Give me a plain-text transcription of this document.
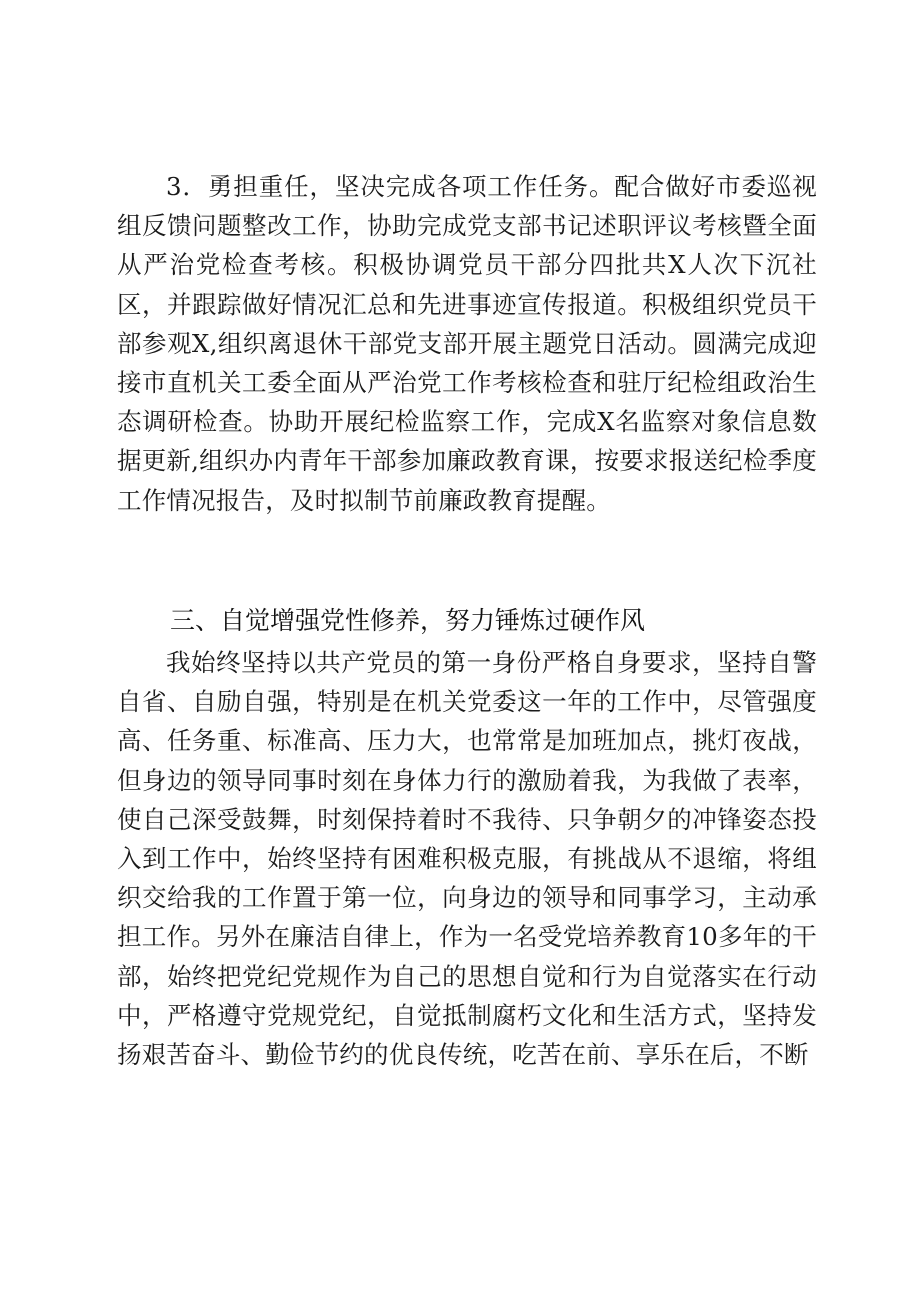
3．勇担重任，坚决完成各项工作任务。配合做好市委巡视组反馈问题整改工作，协助完成党支部书记述职评议考核暨全面从严治党检查考核。积极协调党员干部分四批共X人次下沉社区，并跟踪做好情况汇总和先进事迹宣传报道。积极组织党员干部参观X,组织离退休干部党支部开展主题党日活动。圆满完成迎接市直机关工委全面从严治党工作考核检查和驻厅纪检组政治生态调研检查。协助开展纪检监察工作，完成X名监察对象信息数据更新,组织办内青年干部参加廉政教育课，按要求报送纪检季度工作情况报告，及时拟制节前廉政教育提醒。

三、自觉增强党性修养，努力锤炼过硬作风

我始终坚持以共产党员的第一身份严格自身要求，坚持自警自省、自励自强，特别是在机关党委这一年的工作中，尽管强度高、任务重、标准高、压力大，也常常是加班加点，挑灯夜战，但身边的领导同事时刻在身体力行的激励着我，为我做了表率，使自己深受鼓舞，时刻保持着时不我待、只争朝夕的冲锋姿态投入到工作中，始终坚持有困难积极克服，有挑战从不退缩，将组织交给我的工作置于第一位，向身边的领导和同事学习，主动承担工作。另外在廉洁自律上，作为一名受党培养教育10多年的干部，始终把党纪党规作为自己的思想自觉和行为自觉落实在行动中，严格遵守党规党纪，自觉抵制腐朽文化和生活方式，坚持发扬艰苦奋斗、勤俭节约的优良传统，吃苦在前、享乐在后，不断
